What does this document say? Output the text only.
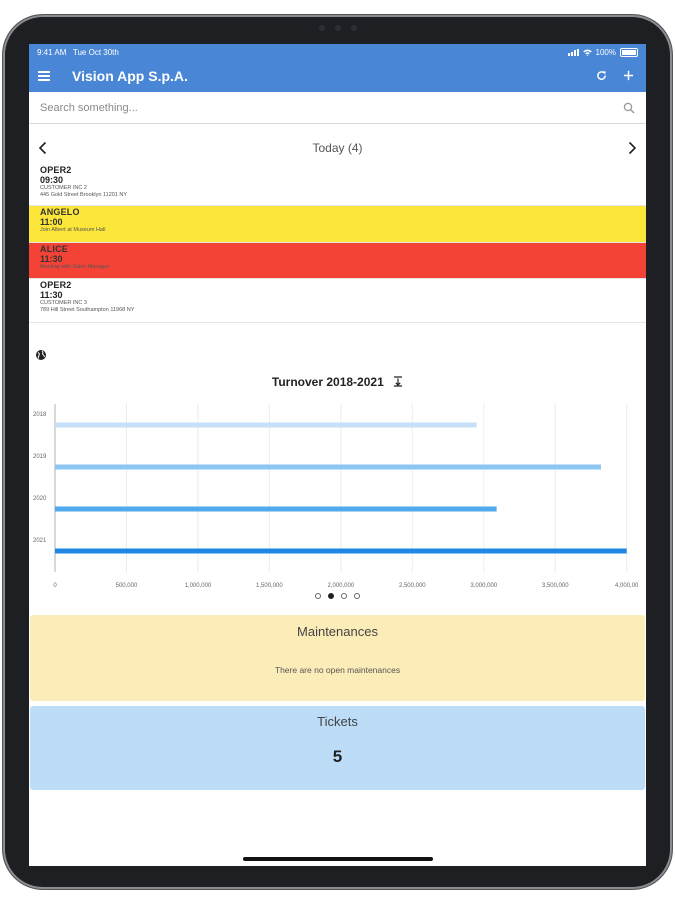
9:41 AM Tue Oct 30th	100%
Vision App S.p.A.
Search something...
Today (4)
OPER2
09:30
CUSTOMER INC 2
445 Gold Street Brooklyn 11201 NY
ANGELO
11:00
Join Albert at Museum Hall
ALICE
11:30
Meeting with Sales Manager
OPER2
11:30
CUSTOMER INC 3
789 Hill Street Southampton 11968 NY
Turnover 2018-2021
0	500,000	1,000,000	1,500,000	2,000,000	2,500,000	3,000,000	3,500,000	4,000,00
2018
2019
2020
2021
Maintenances
There are no open maintenances
Tickets
5
